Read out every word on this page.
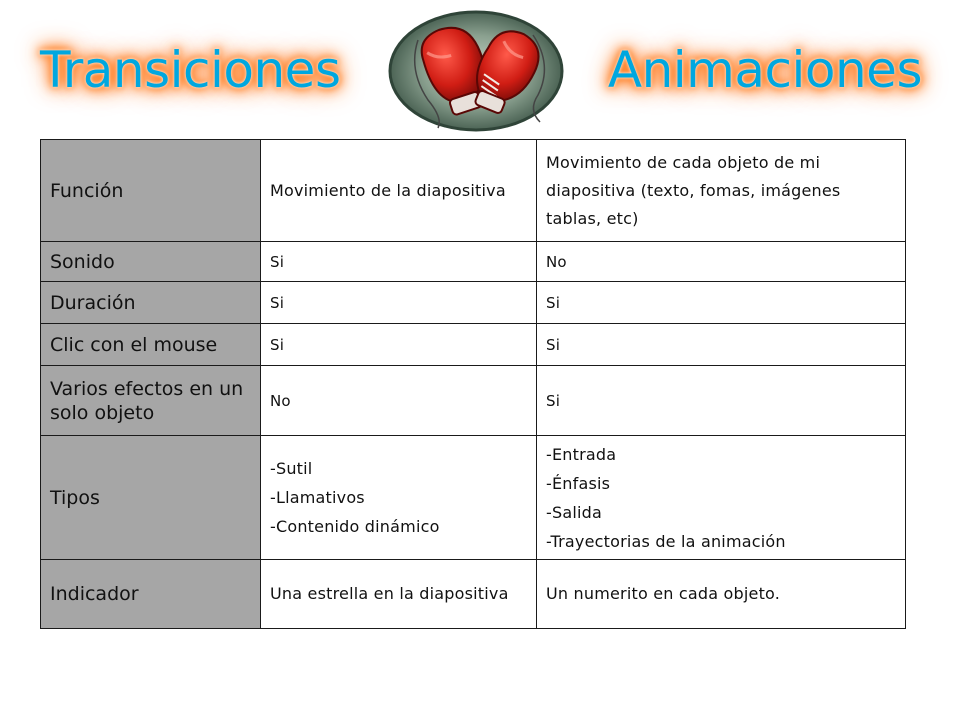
Transiciones	Animaciones
Función	Movimiento de la diapositiva	Movimiento de cada objeto de mi diapositiva (texto, fomas, imágenes tablas, etc)

Sonido	Si	No

Duración	Si	Si

Clic con el mouse	Si	Si

Varios efectos en un solo objeto	No	Si

Tipos	-Sutil
-Llamativos
-Contenido dinámico	-Entrada
-Énfasis
-Salida
-Trayectorias de la animación

Indicador	Una estrella en la diapositiva	Un numerito en cada objeto.
